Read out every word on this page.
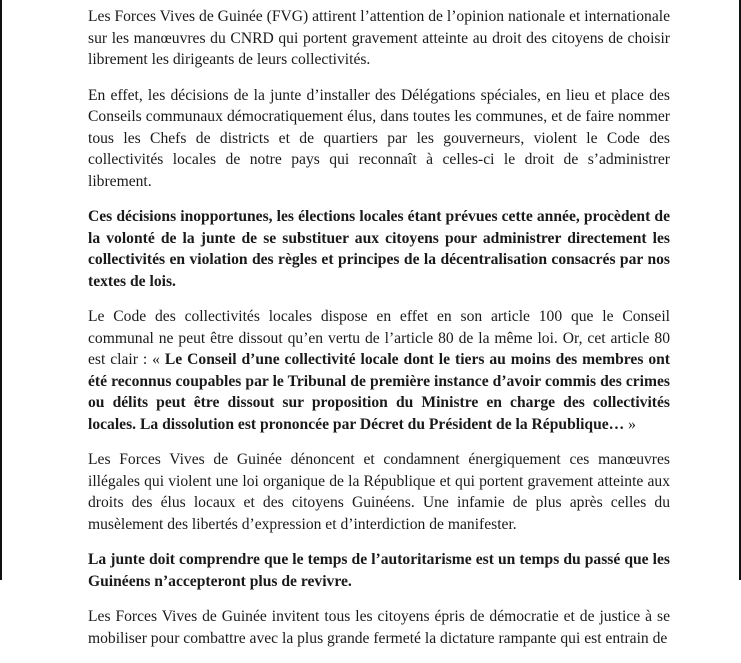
Les Forces Vives de Guinée (FVG) attirent l’attention de l’opinion nationale et internationale sur les manœuvres du CNRD qui portent gravement atteinte au droit des citoyens de choisir librement les dirigeants de leurs collectivités.

En effet, les décisions de la junte d’installer des Délégations spéciales, en lieu et place des Conseils communaux démocratiquement élus, dans toutes les communes, et de faire nommer tous les Chefs de districts et de quartiers par les gouverneurs, violent le Code des collectivités locales de notre pays qui reconnaît à celles-ci le droit de s’administrer librement.

Ces décisions inopportunes, les élections locales étant prévues cette année, procèdent de la volonté de la junte de se substituer aux citoyens pour administrer directement les collectivités en violation des règles et principes de la décentralisation consacrés par nos textes de lois.

Le Code des collectivités locales dispose en effet en son article 100 que le Conseil communal ne peut être dissout qu’en vertu de l’article 80 de la même loi. Or, cet article 80 est clair : « Le Conseil d’une collectivité locale dont le tiers au moins des membres ont été reconnus coupables par le Tribunal de première instance d’avoir commis des crimes ou délits peut être dissout sur proposition du Ministre en charge des collectivités locales. La dissolution est prononcée par Décret du Président de la République… »

Les Forces Vives de Guinée dénoncent et condamnent énergiquement ces manœuvres illégales qui violent une loi organique de la République et qui portent gravement atteinte aux droits des élus locaux et des citoyens Guinéens. Une infamie de plus après celles du musèlement des libertés d’expression et d’interdiction de manifester.

La junte doit comprendre que le temps de l’autoritarisme est un temps du passé que les Guinéens n’accepteront plus de revivre.

Les Forces Vives de Guinée invitent tous les citoyens épris de démocratie et de justice à se mobiliser pour combattre avec la plus grande fermeté la dictature rampante qui est entrain de
